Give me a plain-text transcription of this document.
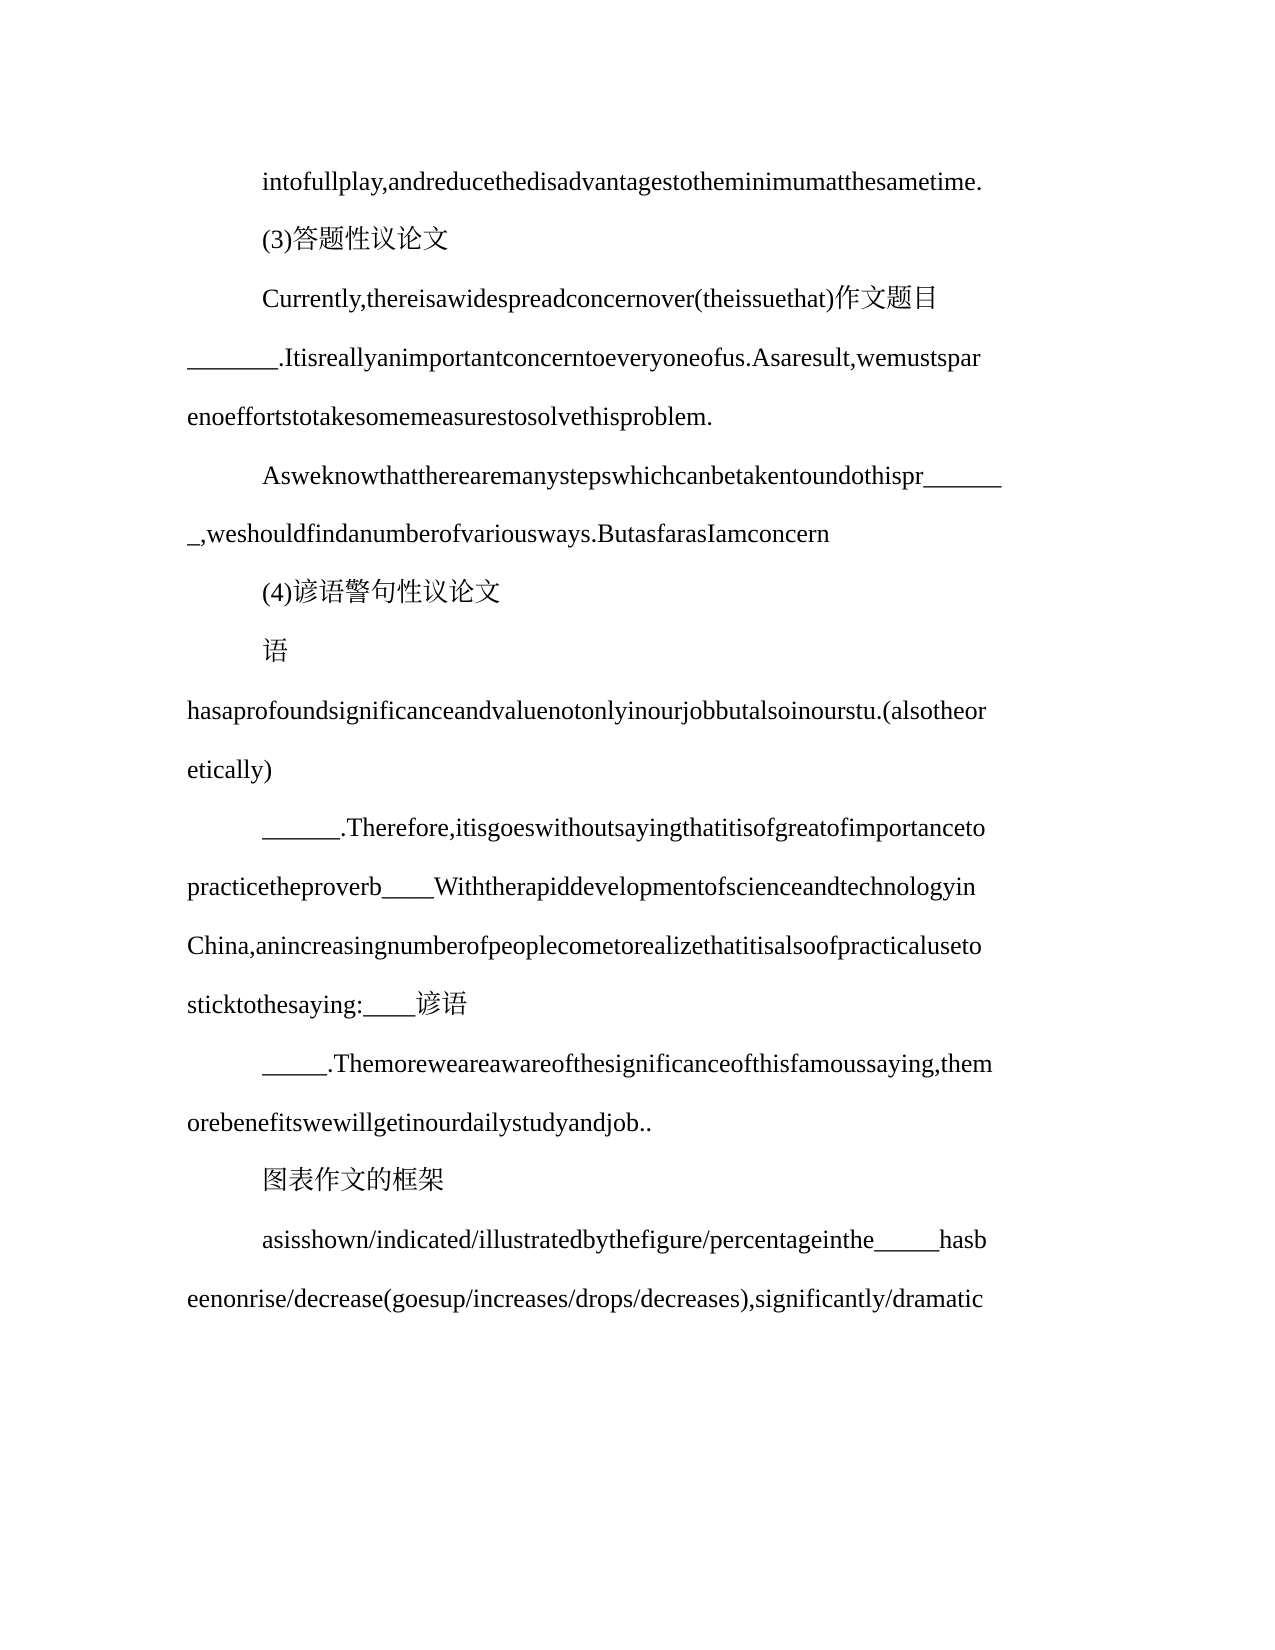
intofullplay,andreducethedisadvantagestotheminimumatthesametime.

(3)答题性议论文

Currently,thereisawidespreadconcernover(theissuethat)作文题目

_______.Itisreallyanimportantconcerntoeveryoneofus.Asaresult,wemustspar

enoeffortstotakesomemeasurestosolvethisproblem.

Asweknowthattherearemanystepswhichcanbetakentoundothispr______

_,weshouldfindanumberofvariousways.ButasfarasIamconcern

(4)谚语警句性议论文

语

hasaprofoundsignificanceandvaluenotonlyinourjobbutalsoinourstu.(alsotheor

etically)

______.Therefore,itisgoeswithoutsayingthatitisofgreatofimportanceto

practicetheproverb____Withtherapiddevelopmentofscienceandtechnologyin

China,anincreasingnumberofpeoplecometorealizethatitisalsoofpracticaluseto

sticktothesaying:____谚语

_____.Themoreweareawareofthesignificanceofthisfamoussaying,them

orebenefitswewillgetinourdailystudyandjob..

图表作文的框架

asisshown/indicated/illustratedbythefigure/percentageinthe_____hasb

eenonrise/decrease(goesup/increases/drops/decreases),significantly/dramatic
